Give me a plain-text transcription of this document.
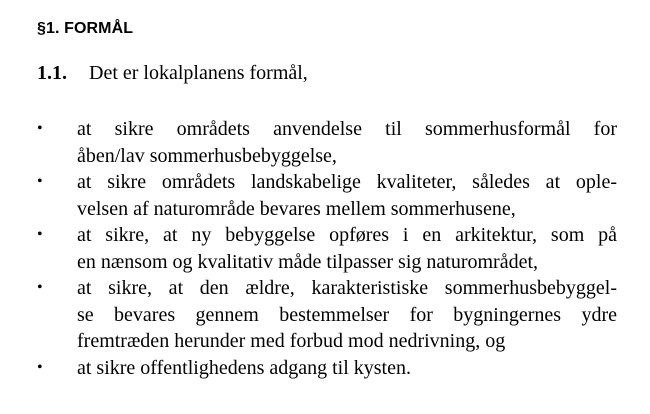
§1. FORMÅL
1.1. Det er lokalplanens formål,
•	at sikre områdets anvendelse til sommerhusformål for
åben/lav sommerhusbebyggelse,
•	at sikre områdets landskabelige kvaliteter, således at ople-
velsen af naturområde bevares mellem sommerhusene,
•	at sikre, at ny bebyggelse opføres i en arkitektur, som på
en nænsom og kvalitativ måde tilpasser sig naturområdet,
•	at sikre, at den ældre, karakteristiske sommerhusbebyggel-
se bevares gennem bestemmelser for bygningernes ydre
fremtræden herunder med forbud mod nedrivning, og
•	at sikre offentlighedens adgang til kysten.
